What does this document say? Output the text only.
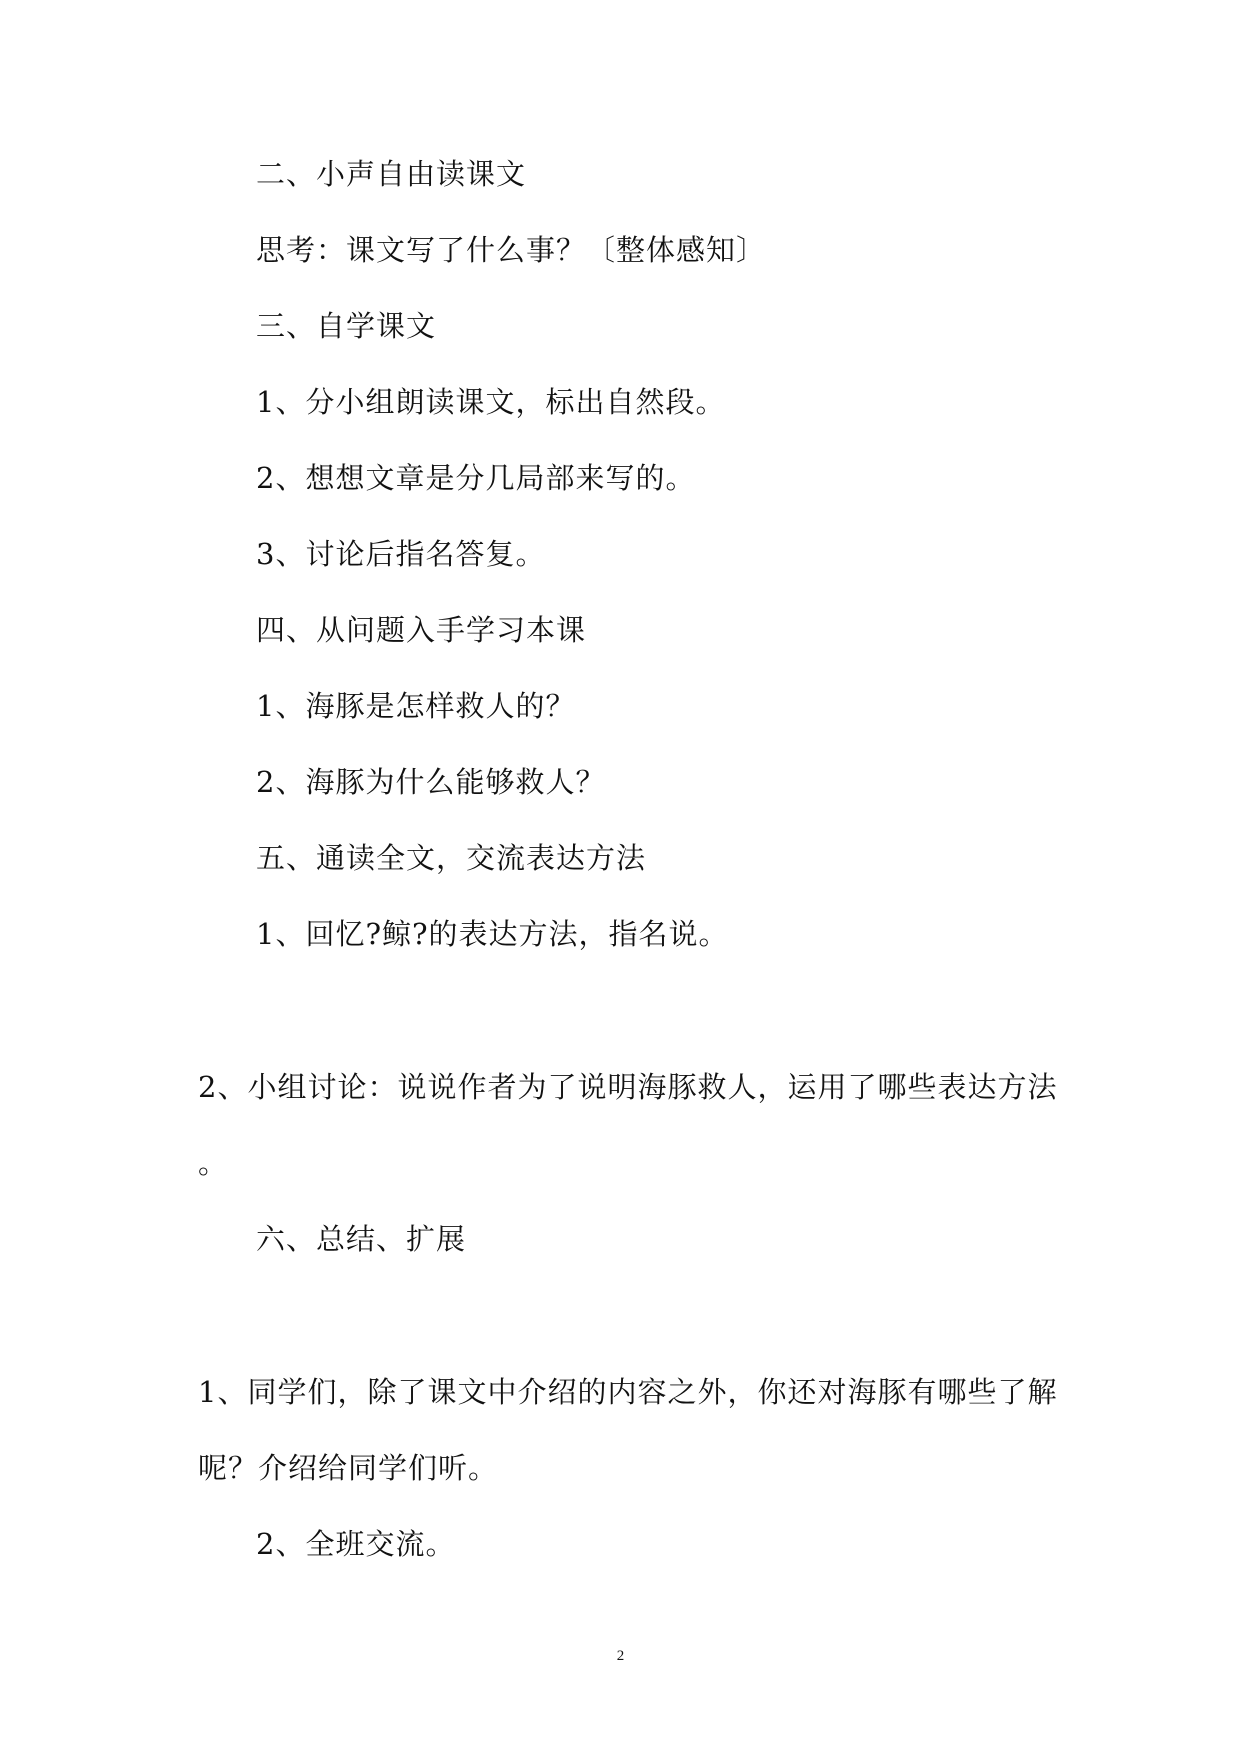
二、小声自由读课文
思考：课文写了什么事？〔整体感知〕
三、自学课文
1、分小组朗读课文，标出自然段。
2、想想文章是分几局部来写的。
3、讨论后指名答复。
四、从问题入手学习本课
1、海豚是怎样救人的？
2、海豚为什么能够救人？
五、通读全文，交流表达方法
1、回忆?鲸?的表达方法，指名说。
2、小组讨论：说说作者为了说明海豚救人，运用了哪些表达方法
。
六、总结、扩展
1、同学们，除了课文中介绍的内容之外，你还对海豚有哪些了解
呢？介绍给同学们听。
2、全班交流。
2
